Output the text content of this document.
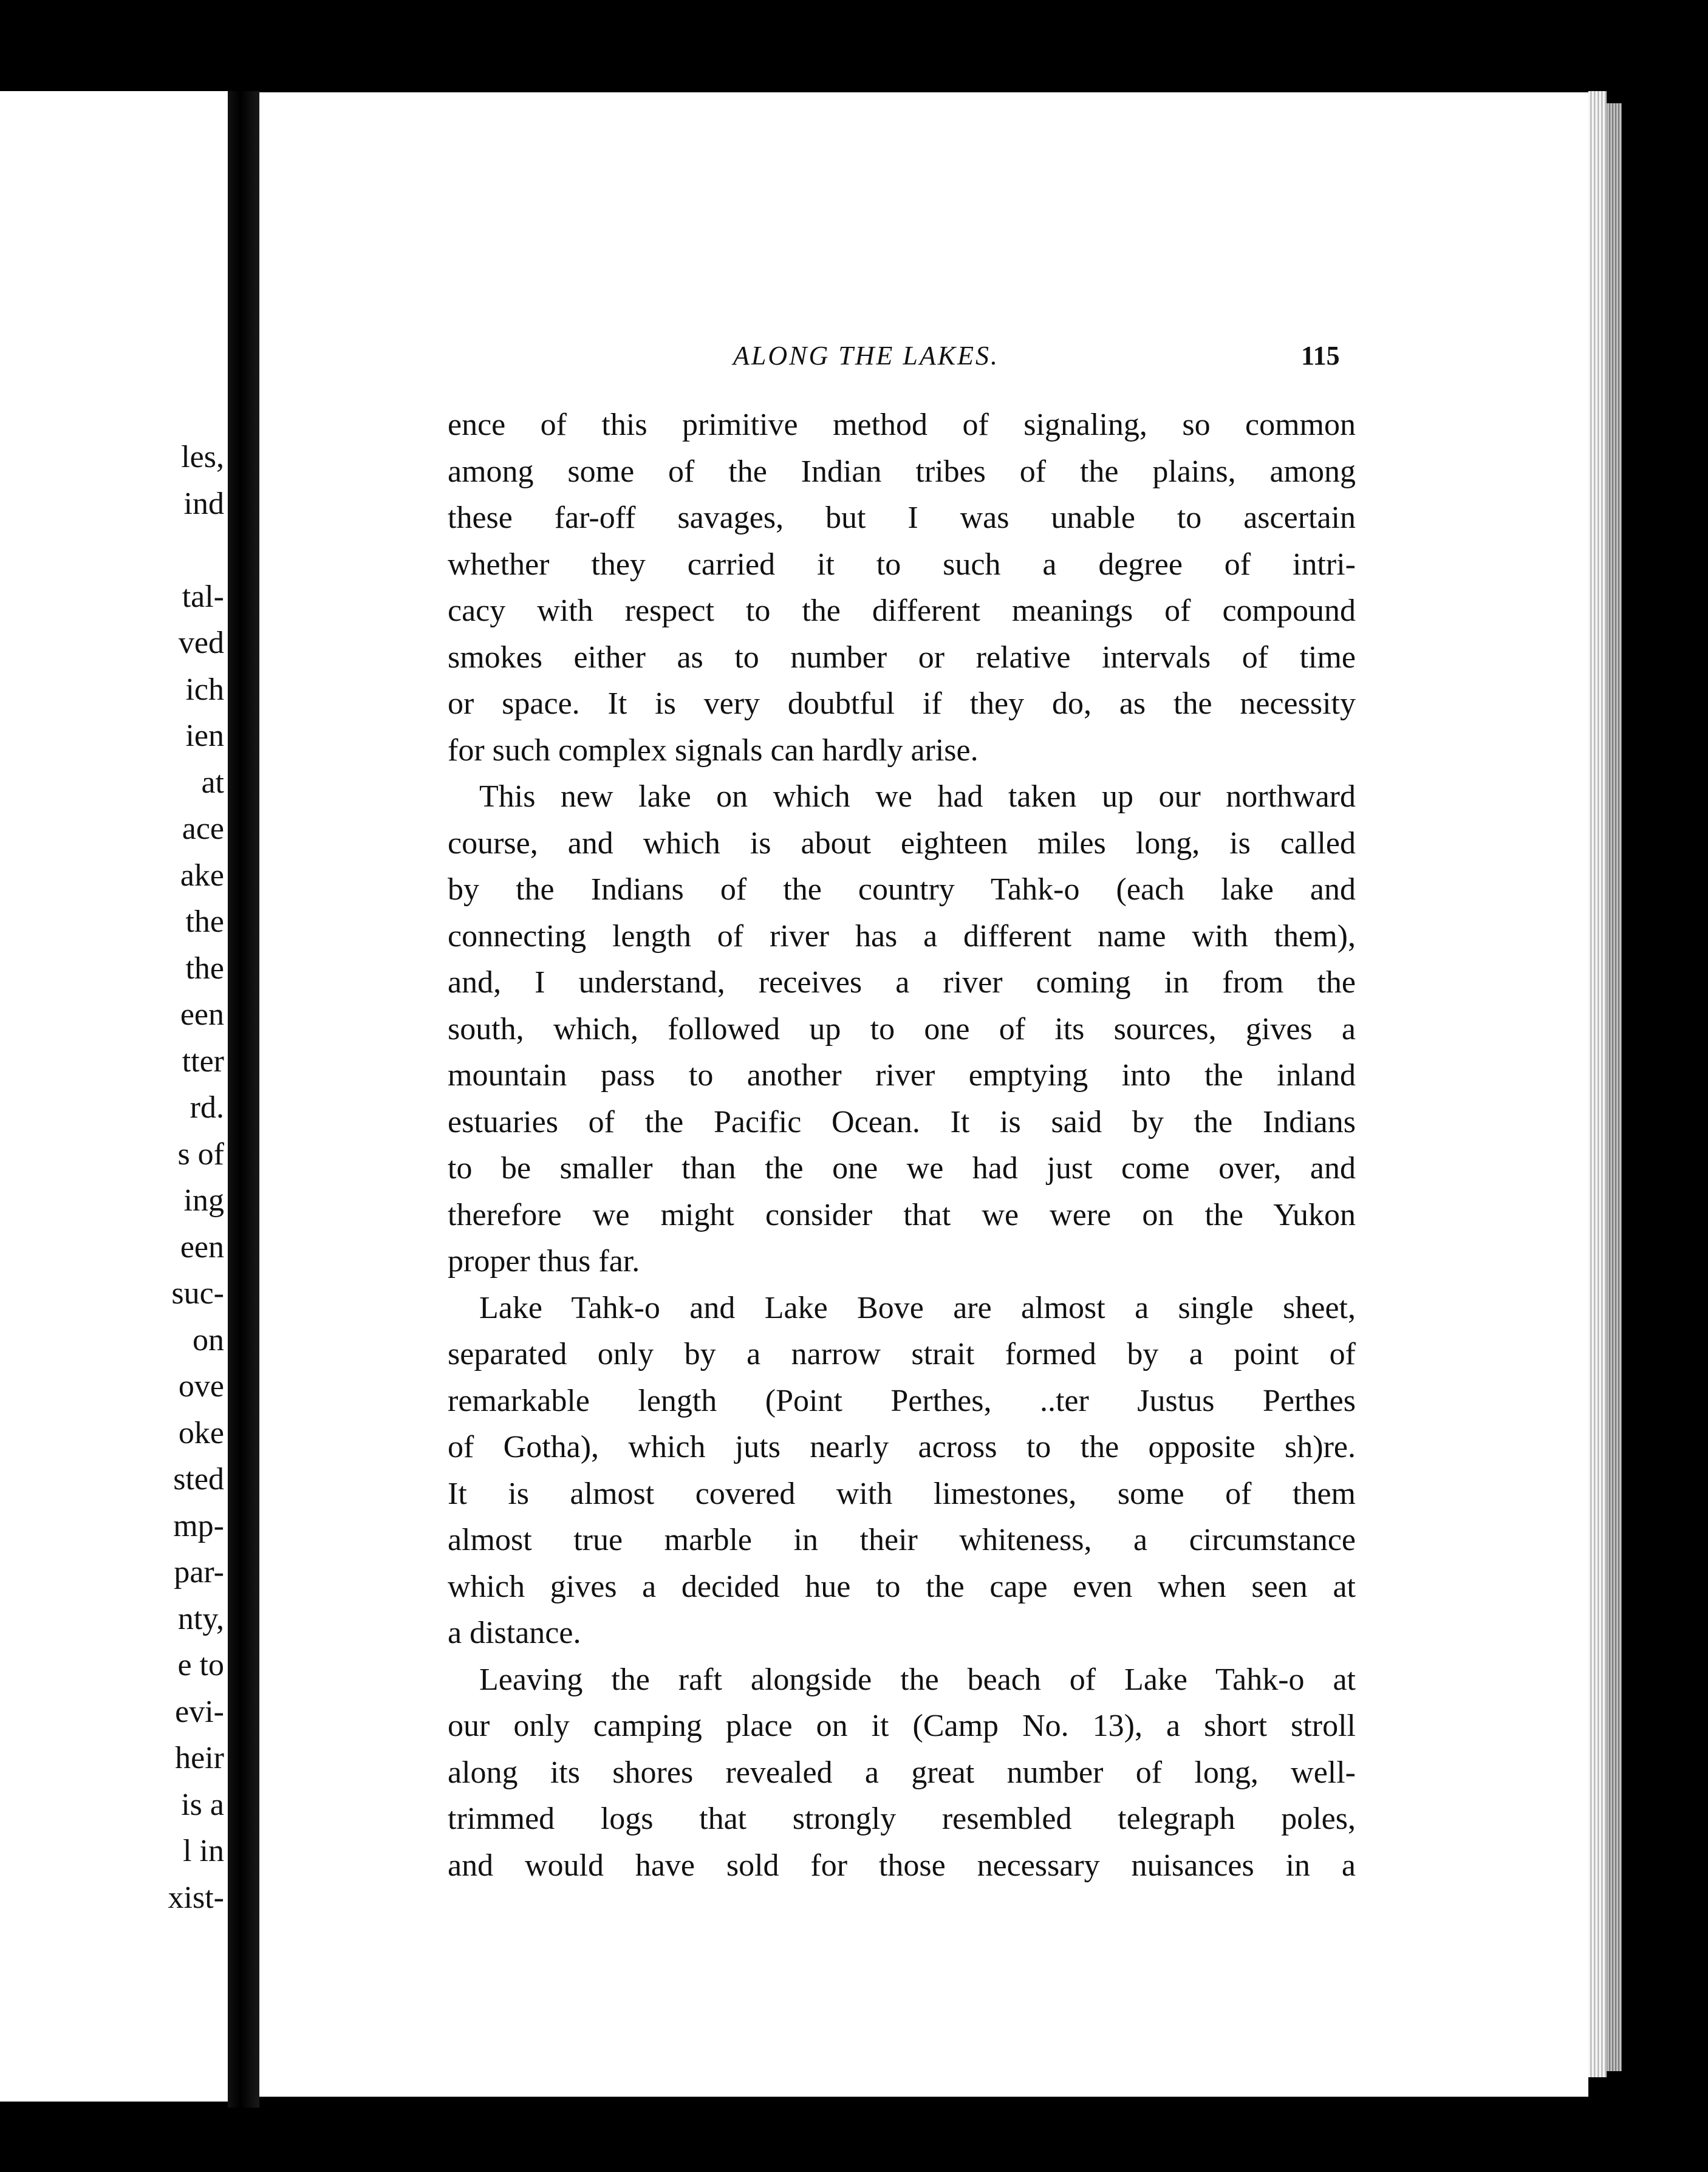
les,
ind

tal-
ved
ich
ien
at
ace
ake
the
the
een
tter
rd.
s of
ing
een
suc-
on
ove
oke
sted
mp-
par-
nty,
e to
evi-
heir
is a
l in
xist-
ALONG THE LAKES.	115
ence of this primitive method of signaling, so common
among some of the Indian tribes of the plains, among
these far-off savages, but I was unable to ascertain
whether they carried it to such a degree of intri-
cacy with respect to the different meanings of compound
smokes either as to number or relative intervals of time
or space. It is very doubtful if they do, as the necessity
for such complex signals can hardly arise.
This new lake on which we had taken up our northward
course, and which is about eighteen miles long, is called
by the Indians of the country Tahk-o (each lake and
connecting length of river has a different name with them),
and, I understand, receives a river coming in from the
south, which, followed up to one of its sources, gives a
mountain pass to another river emptying into the inland
estuaries of the Pacific Ocean. It is said by the Indians
to be smaller than the one we had just come over, and
therefore we might consider that we were on the Yukon
proper thus far.
Lake Tahk-o and Lake Bove are almost a single sheet,
separated only by a narrow strait formed by a point of
remarkable length (Point Perthes, ..ter Justus Perthes
of Gotha), which juts nearly across to the opposite sh)re.
It is almost covered with limestones, some of them
almost true marble in their whiteness, a circumstance
which gives a decided hue to the cape even when seen at
a distance.
Leaving the raft alongside the beach of Lake Tahk-o at
our only camping place on it (Camp No. 13), a short stroll
along its shores revealed a great number of long, well-
trimmed logs that strongly resembled telegraph poles,
and would have sold for those necessary nuisances in a
